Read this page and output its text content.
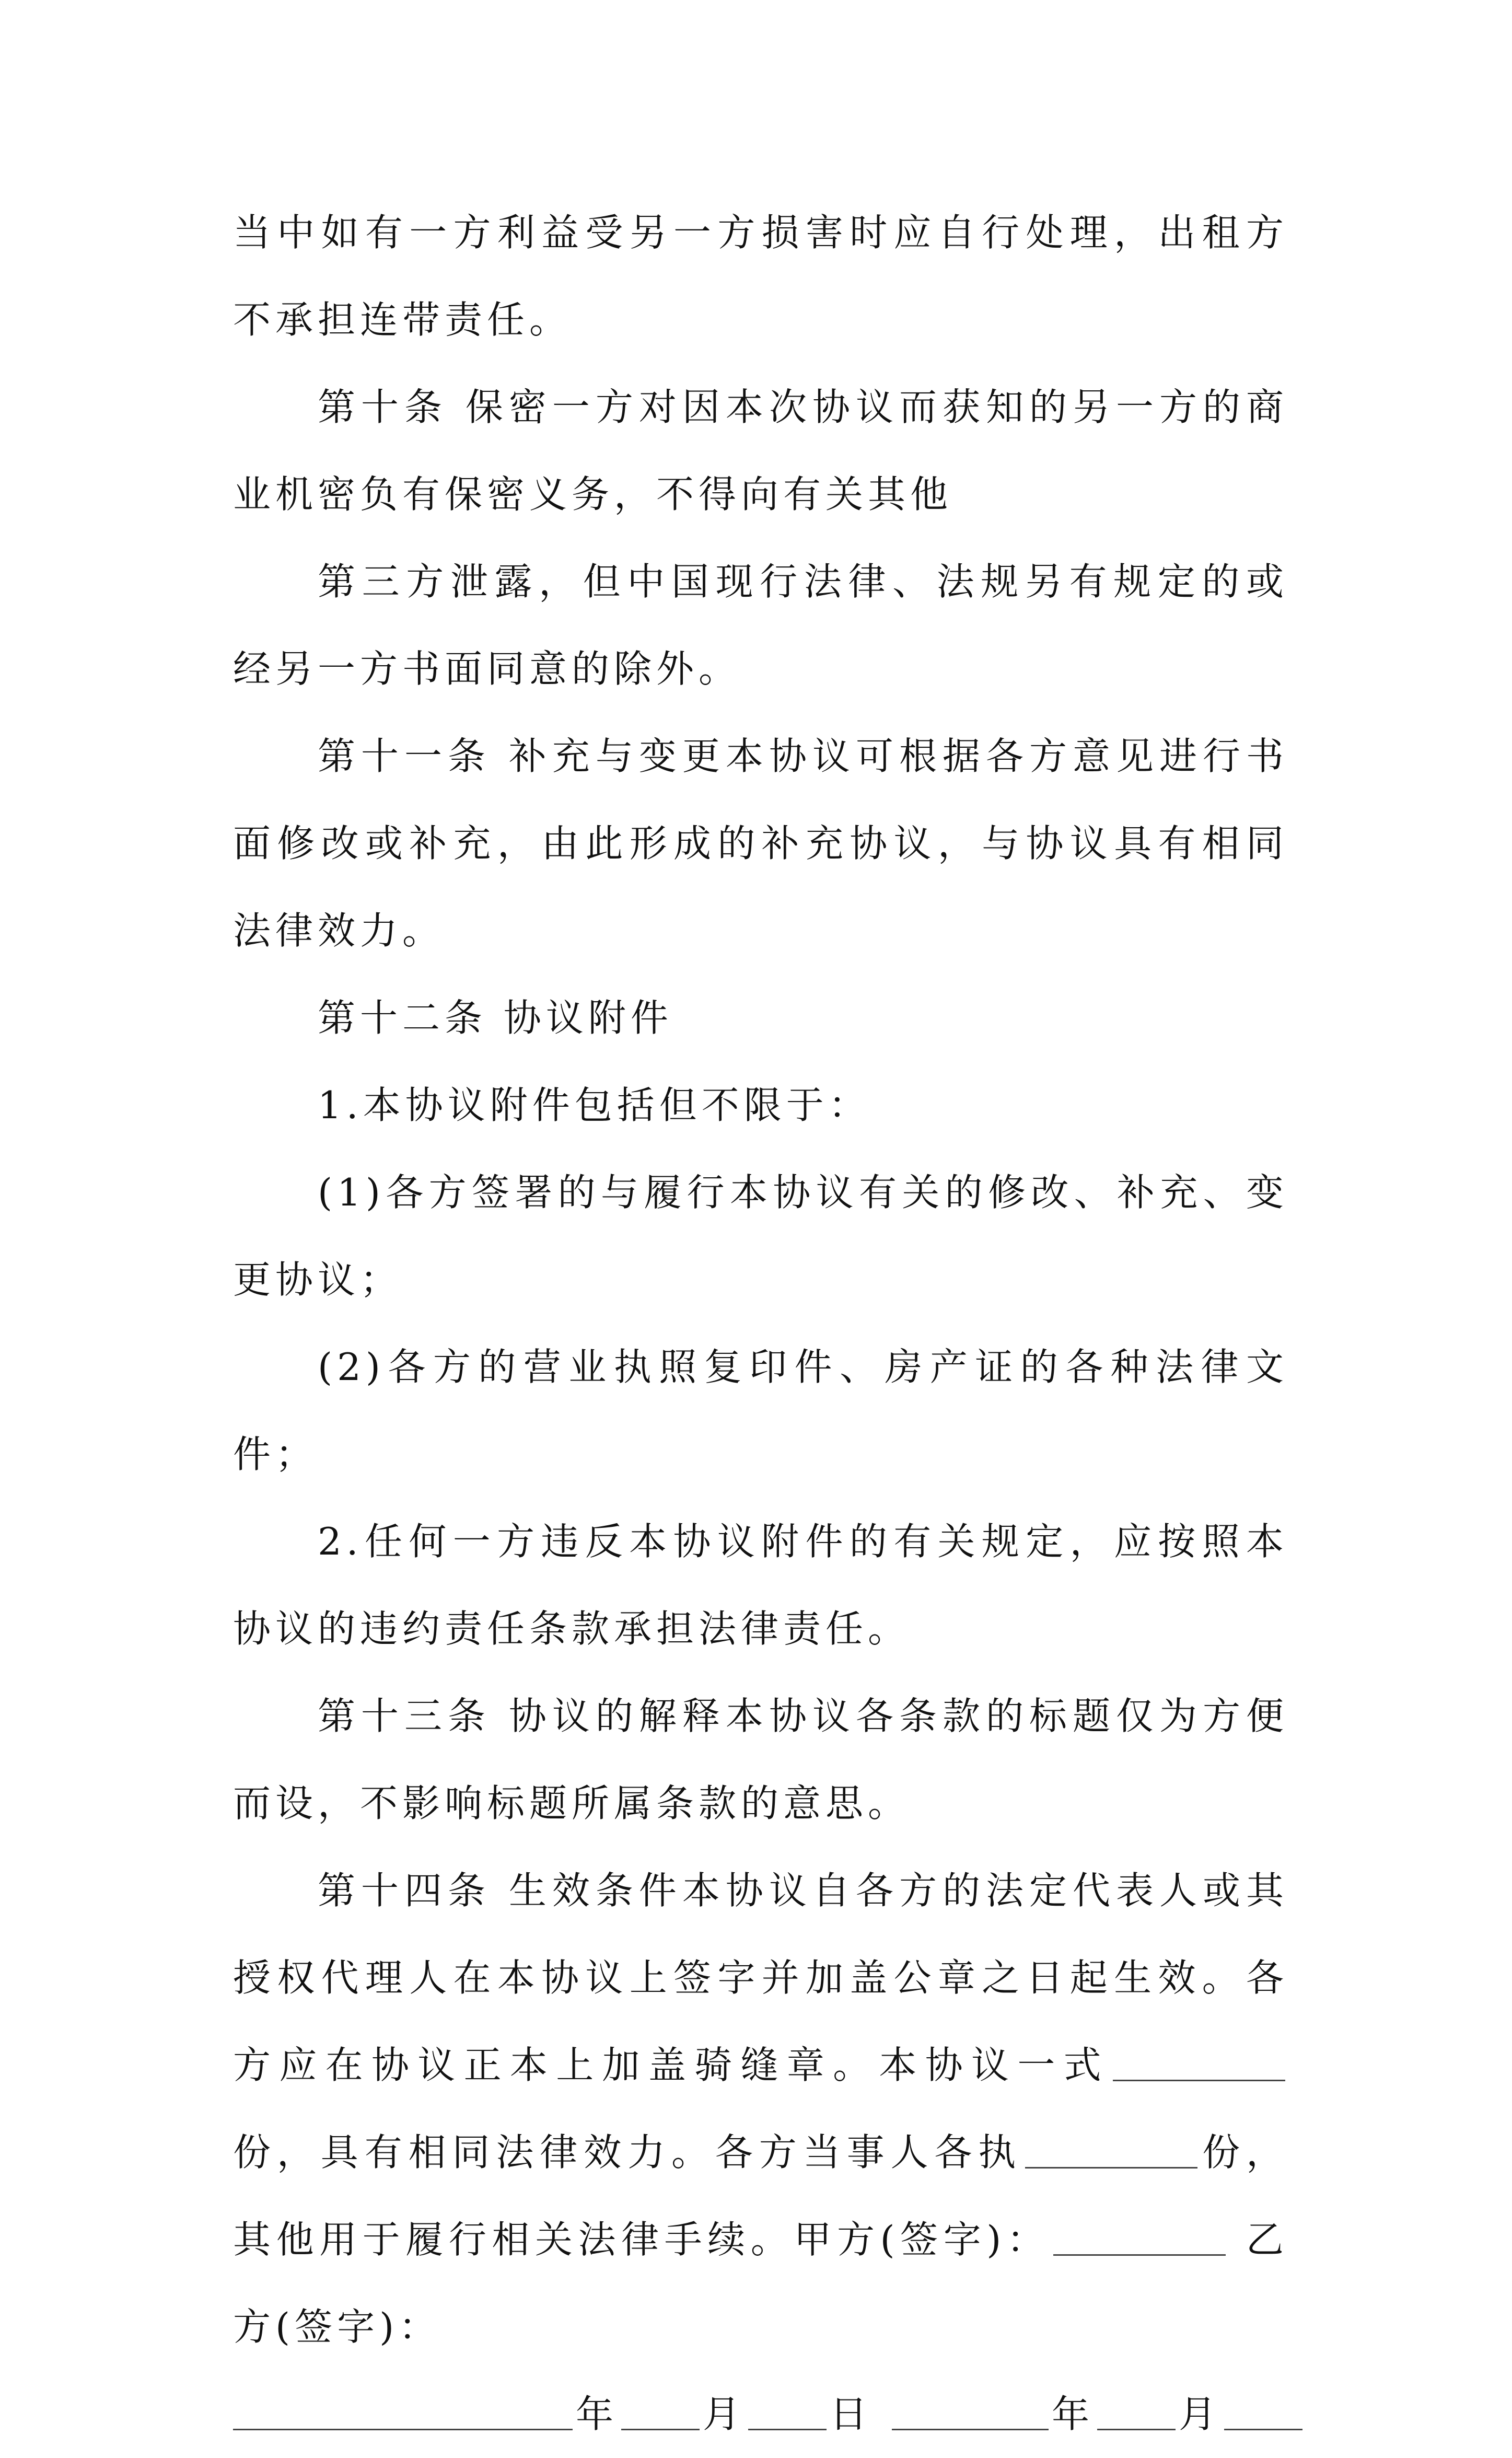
当中如有一方利益受另一方损害时应自行处理，出租方不承担连带责任。

第十条 保密一方对因本次协议而获知的另一方的商业机密负有保密义务，不得向有关其他

第三方泄露，但中国现行法律、法规另有规定的或经另一方书面同意的除外。

第十一条 补充与变更本协议可根据各方意见进行书面修改或补充，由此形成的补充协议，与协议具有相同法律效力。

第十二条 协议附件

1.本协议附件包括但不限于：

(1)各方签署的与履行本协议有关的修改、补充、变更协议；

(2)各方的营业执照复印件、房产证的各种法律文件；

2.任何一方违反本协议附件的有关规定，应按照本协议的违约责任条款承担法律责任。

第十三条 协议的解释本协议各条款的标题仅为方便而设，不影响标题所属条款的意思。

第十四条 生效条件本协议自各方的法定代表人或其授权代理人在本协议上签字并加盖公章之日起生效。各方应在协议正本上加盖骑缝章。本协议一式份，具有相同法律效力。各方当事人各执	份，其他用于履行相关法律手续。甲方(签字)：	乙方(签字)：

年 月 日	年 月
